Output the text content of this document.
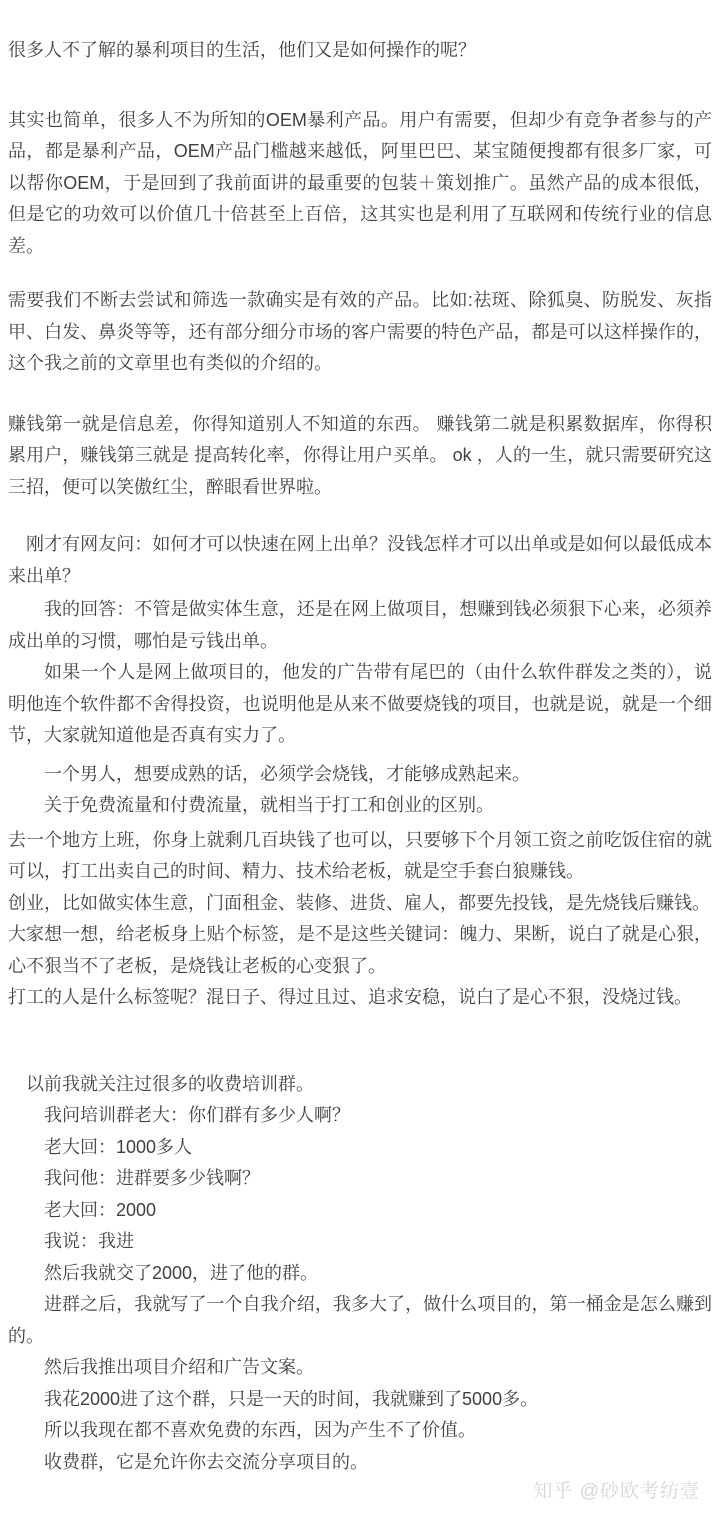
很多人不了解的暴利项目的生活，他们又是如何操作的呢？

其实也简单，很多人不为所知的OEM暴利产品。用户有需要，但却少有竞争者参与的产品，都是暴利产品，OEM产品门槛越来越低，阿里巴巴、某宝随便搜都有很多厂家，可以帮你OEM，于是回到了我前面讲的最重要的包装＋策划推广。虽然产品的成本很低，但是它的功效可以价值几十倍甚至上百倍，这其实也是利用了互联网和传统行业的信息差。

需要我们不断去尝试和筛选一款确实是有效的产品。比如:祛斑、除狐臭、防脱发、灰指甲、白发、鼻炎等等，还有部分细分市场的客户需要的特色产品，都是可以这样操作的，这个我之前的文章里也有类似的介绍的。

赚钱第一就是信息差，你得知道别人不知道的东西。 赚钱第二就是积累数据库，你得积累用户，赚钱第三就是 提高转化率，你得让用户买单。 ok ，人的一生，就只需要研究这三招，便可以笑傲红尘，醉眼看世界啦。

刚才有网友问：如何才可以快速在网上出单？没钱怎样才可以出单或是如何以最低成本来出单？

我的回答：不管是做实体生意，还是在网上做项目，想赚到钱必须狠下心来，必须养成出单的习惯，哪怕是亏钱出单。

如果一个人是网上做项目的，他发的广告带有尾巴的（由什么软件群发之类的），说明他连个软件都不舍得投资，也说明他是从来不做要烧钱的项目，也就是说，就是一个细节，大家就知道他是否真有实力了。

一个男人，想要成熟的话，必须学会烧钱，才能够成熟起来。

关于免费流量和付费流量，就相当于打工和创业的区别。

去一个地方上班，你身上就剩几百块钱了也可以，只要够下个月领工资之前吃饭住宿的就可以，打工出卖自己的时间、精力、技术给老板，就是空手套白狼赚钱。

创业，比如做实体生意，门面租金、装修、进货、雇人，都要先投钱，是先烧钱后赚钱。

大家想一想，给老板身上贴个标签，是不是这些关键词：魄力、果断，说白了就是心狠，心不狠当不了老板，是烧钱让老板的心变狠了。

打工的人是什么标签呢？混日子、得过且过、追求安稳，说白了是心不狠，没烧过钱。

以前我就关注过很多的收费培训群。

我问培训群老大：你们群有多少人啊？

老大回：1000多人

我问他：进群要多少钱啊？

老大回：2000

我说：我进

然后我就交了2000，进了他的群。

进群之后，我就写了一个自我介绍，我多大了，做什么项目的，第一桶金是怎么赚到的。

然后我推出项目介绍和广告文案。

我花2000进了这个群，只是一天的时间，我就赚到了5000多。

所以我现在都不喜欢免费的东西，因为产生不了价值。

收费群，它是允许你去交流分享项目的。

知乎 @砂欧考纺壹
